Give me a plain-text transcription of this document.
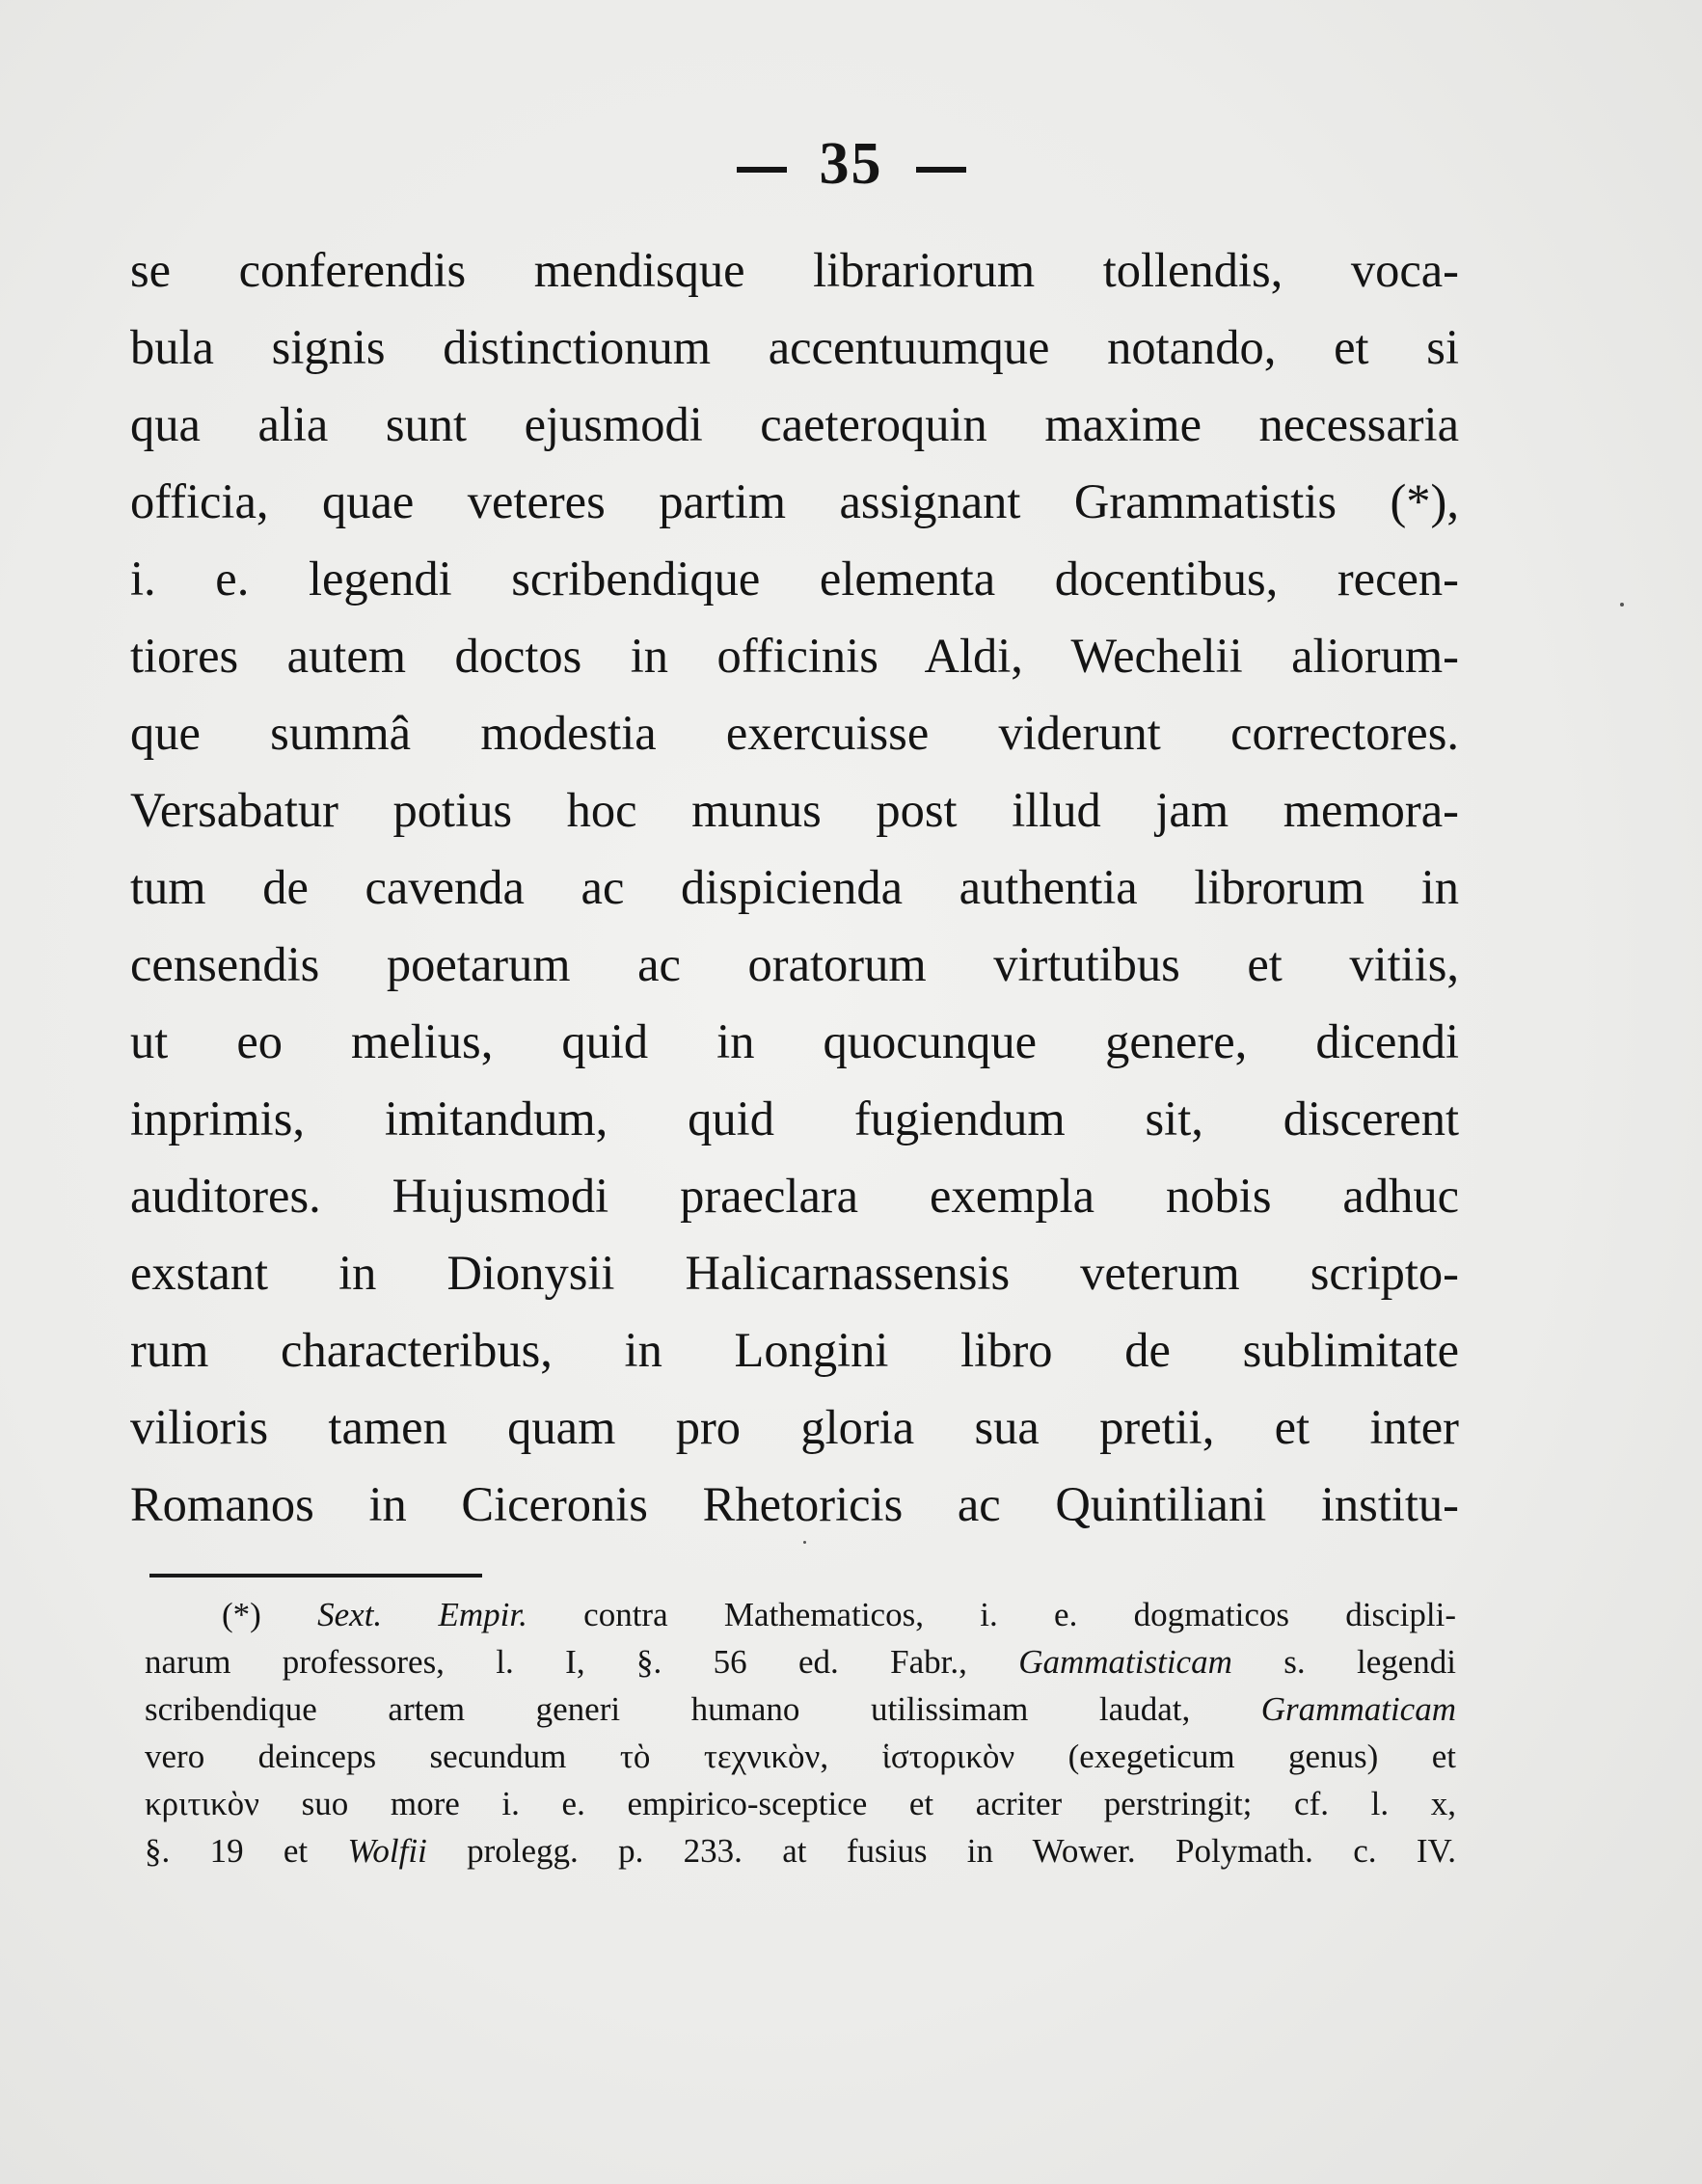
35
se conferendis mendisque librariorum tollendis, voca-
bula signis distinctionum accentuumque notando, et si
qua alia sunt ejusmodi caeteroquin maxime necessaria
officia, quae veteres partim assignant Grammatistis (*),
i. e. legendi scribendique elementa docentibus, recen-
tiores autem doctos in officinis Aldi, Wechelii aliorum-
que summâ modestia exercuisse viderunt correctores.
Versabatur potius hoc munus post illud jam memora-
tum de cavenda ac dispicienda authentia librorum in
censendis poetarum ac oratorum virtutibus et vitiis,
ut eo melius, quid in quocunque genere, dicendi
inprimis, imitandum, quid fugiendum sit, discerent
auditores. Hujusmodi praeclara exempla nobis adhuc
exstant in Dionysii Halicarnassensis veterum scripto-
rum characteribus, in Longini libro de sublimitate
vilioris tamen quam pro gloria sua pretii, et inter
Romanos in Ciceronis Rhetoricis ac Quintiliani institu-
(*) Sext. Empir. contra Mathematicos, i. e. dogmaticos discipli-
narum professores, l. I, §. 56 ed. Fabr., Gammatisticam s. legendi
scribendique artem generi humano utilissimam laudat, Grammaticam
vero deinceps secundum τὸ τεχνικὸν, ἱστορικὸν (exegeticum genus) et
κριτικὸν suo more i. e. empirico-sceptice et acriter perstringit; cf. l. x,
§. 19 et Wolfii prolegg. p. 233. at fusius in Wower. Polymath. c. IV.
